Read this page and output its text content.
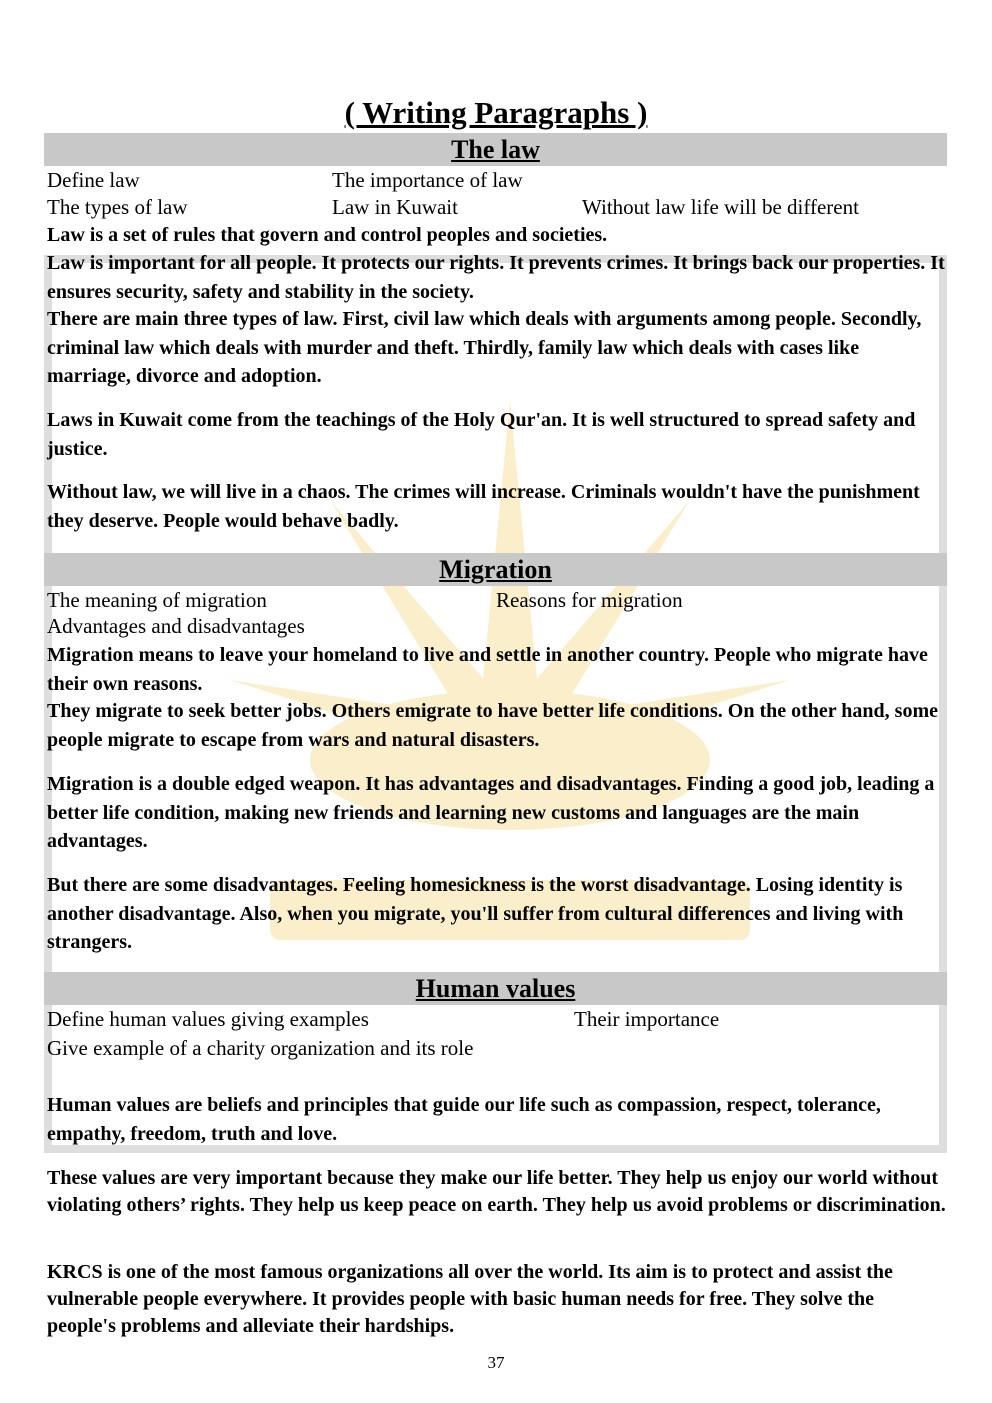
( Writing Paragraphs )
The law
Define law	The importance of law
The types of law	Law in Kuwait	Without law life will be different

Law is a set of rules that govern and control peoples and societies.

Law is important for all people. It protects our rights. It prevents crimes. It brings back our properties. It ensures security, safety and stability in the society.

There are main three types of law. First, civil law which deals with arguments among people. Secondly, criminal law which deals with murder and theft. Thirdly, family law which deals with cases like marriage, divorce and adoption.

Laws in Kuwait come from the teachings of the Holy Qur'an. It is well structured to spread safety and justice.

Without law, we will live in a chaos. The crimes will increase. Criminals wouldn't have the punishment they deserve. People would behave badly.

Migration
The meaning of migration	Reasons for migration
Advantages and disadvantages

Migration means to leave your homeland to live and settle in another country. People who migrate have their own reasons.

They migrate to seek better jobs. Others emigrate to have better life conditions. On the other hand, some people migrate to escape from wars and natural disasters.

Migration is a double edged weapon. It has advantages and disadvantages. Finding a good job, leading a better life condition, making new friends and learning new customs and languages are the main advantages.

But there are some disadvantages. Feeling homesickness is the worst disadvantage. Losing identity is another disadvantage. Also, when you migrate, you'll suffer from cultural differences and living with strangers.

Human values
Define human values giving examples	Their importance
Give example of a charity organization and its role

Human values are beliefs and principles that guide our life such as compassion, respect, tolerance, empathy, freedom, truth and love.

These values are very important because they make our life better. They help us enjoy our world without violating others’ rights. They help us keep peace on earth. They help us avoid problems or discrimination.

KRCS is one of the most famous organizations all over the world. Its aim is to protect and assist the vulnerable people everywhere. It provides people with basic human needs for free. They solve the people's problems and alleviate their hardships.

37
